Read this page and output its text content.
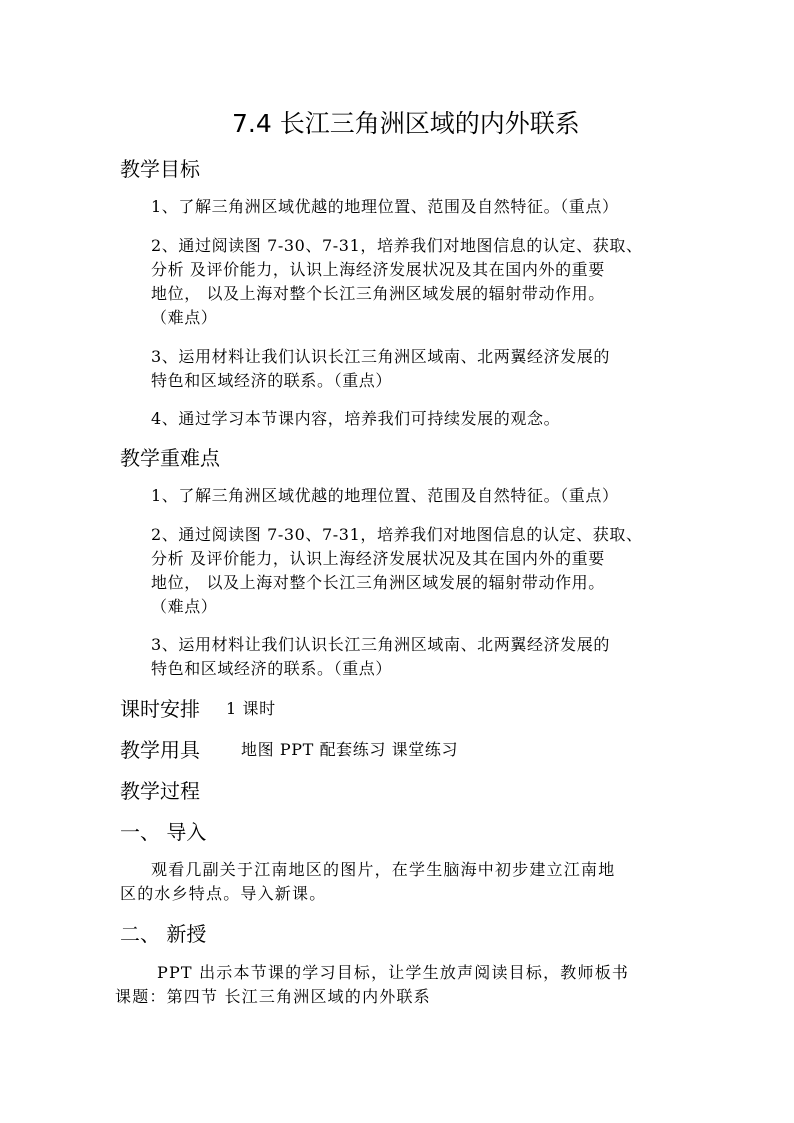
7.4 长江三角洲区域的内外联系
教学目标
1、了解三角洲区域优越的地理位置、范围及自然特征。（重点）
2、通过阅读图 7-30、7-31，培养我们对地图信息的认定、获取、
分析 及评价能力，认识上海经济发展状况及其在国内外的重要
地位， 以及上海对整个长江三角洲区域发展的辐射带动作用。
（难点）
3、运用材料让我们认识长江三角洲区域南、北两翼经济发展的
特色和区域经济的联系。（重点）
4、通过学习本节课内容，培养我们可持续发展的观念。
教学重难点
1、了解三角洲区域优越的地理位置、范围及自然特征。（重点）
2、通过阅读图 7-30、7-31，培养我们对地图信息的认定、获取、
分析 及评价能力，认识上海经济发展状况及其在国内外的重要
地位， 以及上海对整个长江三角洲区域发展的辐射带动作用。
（难点）
3、运用材料让我们认识长江三角洲区域南、北两翼经济发展的
特色和区域经济的联系。（重点）
课时安排 1 课时
教学用具	地图 PPT 配套练习 课堂练习
教学过程
一、 导入
观看几副关于江南地区的图片，在学生脑海中初步建立江南地
区的水乡特点。导入新课。
二、 新授
PPT 出示本节课的学习目标，让学生放声阅读目标，教师板书
课题：第四节 长江三角洲区域的内外联系
